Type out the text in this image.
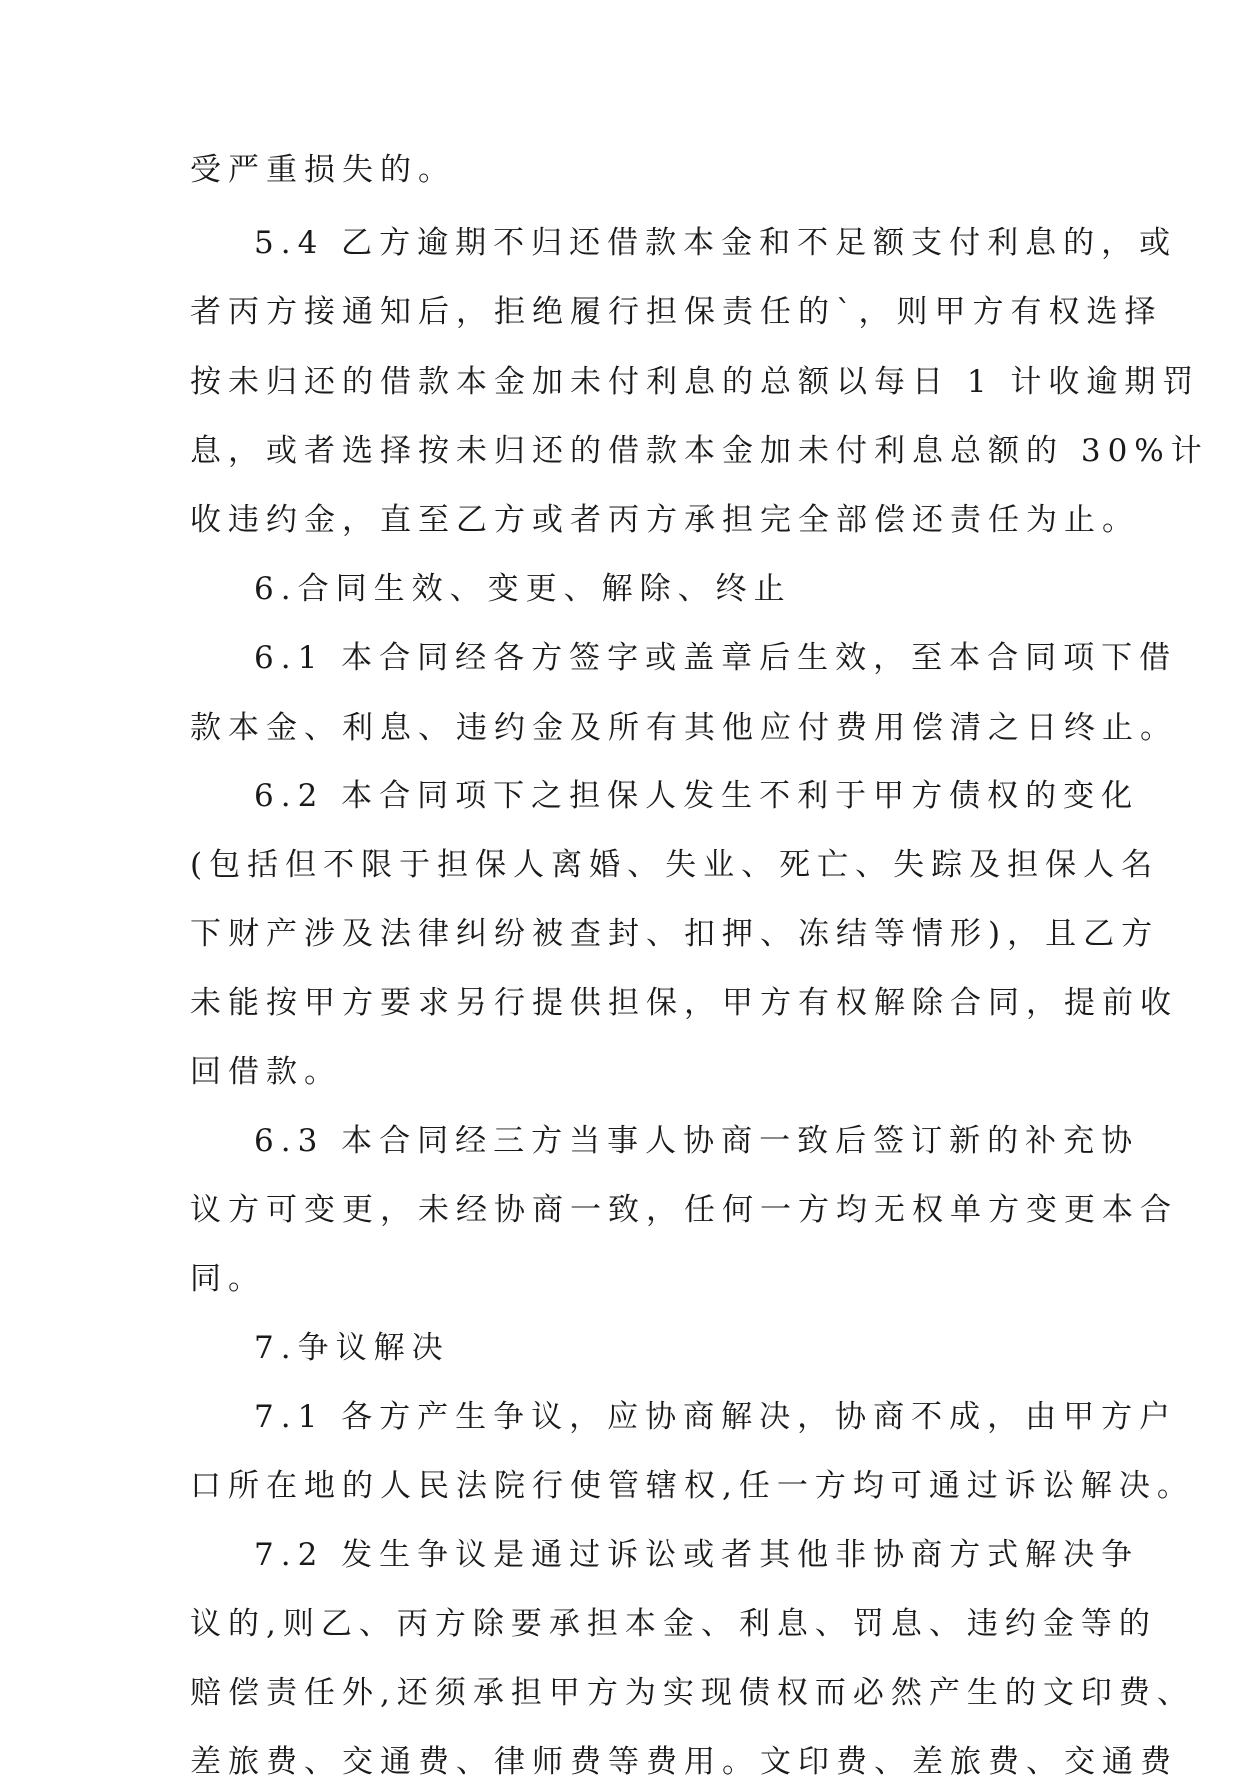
受严重损失的。
5.4 乙方逾期不归还借款本金和不足额支付利息的，或
者丙方接通知后，拒绝履行担保责任的`，则甲方有权选择
按未归还的借款本金加未付利息的总额以每日 1 计收逾期罚
息，或者选择按未归还的借款本金加未付利息总额的 30%计
收违约金，直至乙方或者丙方承担完全部偿还责任为止。
6.合同生效、变更、解除、终止
6.1 本合同经各方签字或盖章后生效，至本合同项下借
款本金、利息、违约金及所有其他应付费用偿清之日终止。
6.2 本合同项下之担保人发生不利于甲方债权的变化
(包括但不限于担保人离婚、失业、死亡、失踪及担保人名
下财产涉及法律纠纷被查封、扣押、冻结等情形)，且乙方
未能按甲方要求另行提供担保，甲方有权解除合同，提前收
回借款。
6.3 本合同经三方当事人协商一致后签订新的补充协
议方可变更，未经协商一致，任何一方均无权单方变更本合
同。
7.争议解决
7.1 各方产生争议，应协商解决，协商不成，由甲方户
口所在地的人民法院行使管辖权,任一方均可通过诉讼解决。
7.2 发生争议是通过诉讼或者其他非协商方式解决争
议的,则乙、丙方除要承担本金、利息、罚息、违约金等的
赔偿责任外,还须承担甲方为实现债权而必然产生的文印费、
差旅费、交通费、律师费等费用。文印费、差旅费、交通费
